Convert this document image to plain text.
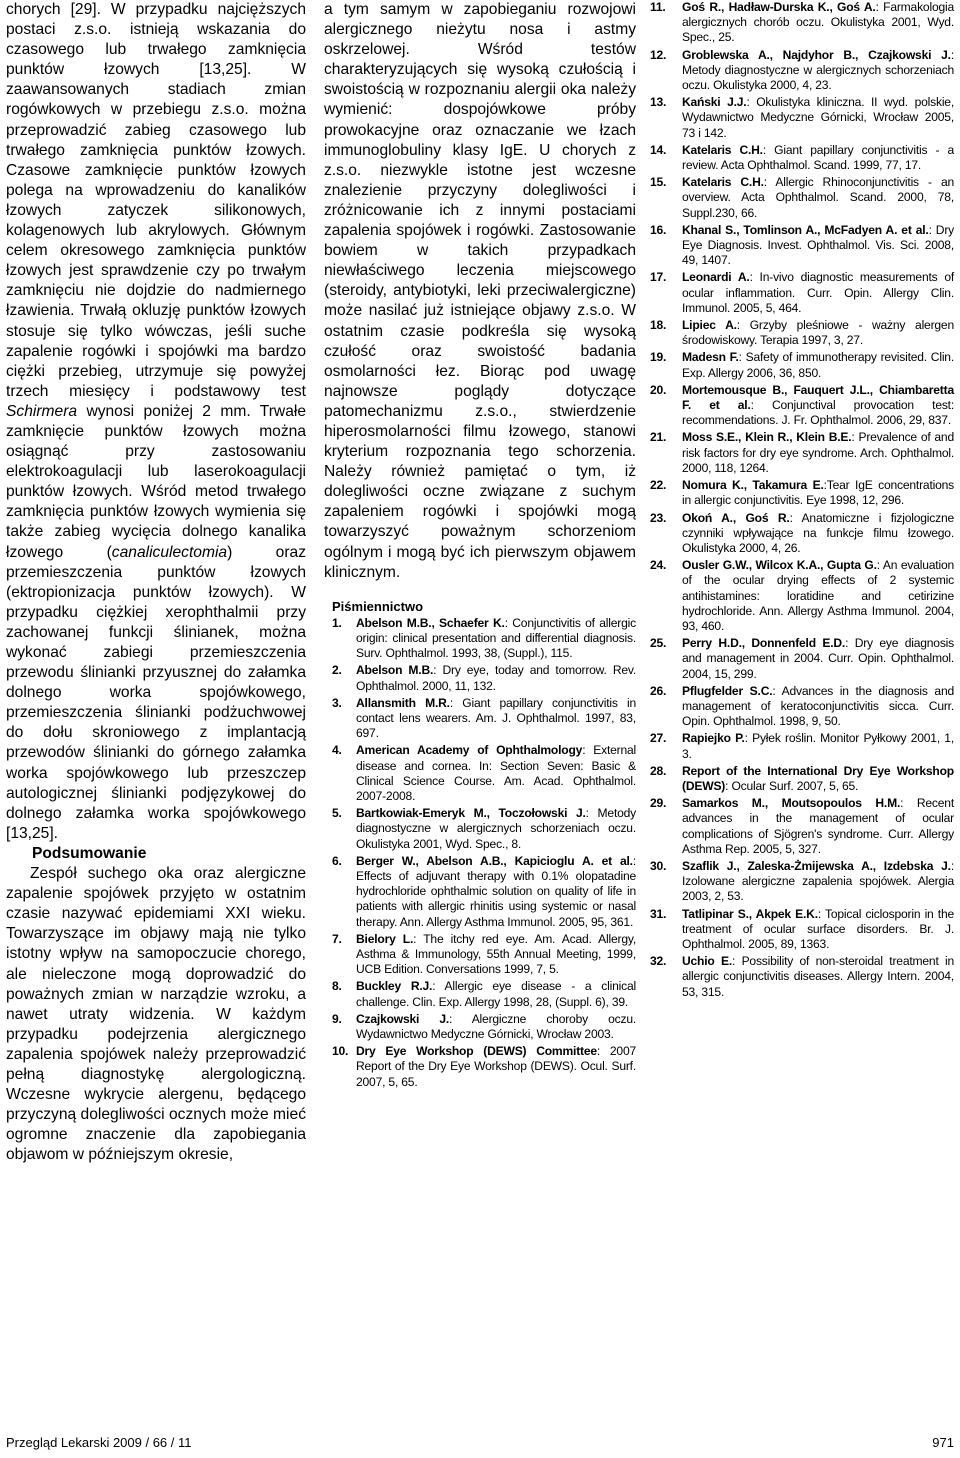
chorych [29]. W przypadku najcięższych postaci z.s.o. istnieją wskazania do czasowego lub trwałego zamknięcia punktów łzowych [13,25]. W zaawansowanych stadiach zmian rogówkowych w przebiegu z.s.o. można przeprowadzić zabieg czasowego lub trwałego zamknięcia punktów łzowych. Czasowe zamknięcie punktów łzowych polega na wprowadzeniu do kanalików łzowych zatyczek silikonowych, kolagenowych lub akrylowych. Głównym celem okresowego zamknięcia punktów łzowych jest sprawdzenie czy po trwałym zamknięciu nie dojdzie do nadmiernego łzawienia. Trwałą okluzję punktów łzowych stosuje się tylko wówczas, jeśli suche zapalenie rogówki i spojówki ma bardzo ciężki przebieg, utrzymuje się powyżej trzech miesięcy i podstawowy test Schirmera wynosi poniżej 2 mm. Trwałe zamknięcie punktów łzowych można osiągnąć przy zastosowaniu elektrokoagulacji lub laserokoagulacji punktów łzowych. Wśród metod trwałego zamknięcia punktów łzowych wymienia się także zabieg wycięcia dolnego kanalika łzowego (canaliculectomia) oraz przemieszczenia punktów łzowych (ektropionizacja punktów łzowych). W przypadku ciężkiej xerophthalmii przy zachowanej funkcji ślinianek, można wykonać zabiegi przemieszczenia przewodu ślinianki przyusznej do załamka dolnego worka spojówkowego, przemieszczenia ślinianki podżuchwowej do dołu skroniowego z implantacją przewodów ślinianki do górnego załamka worka spojówkowego lub przeszczep autologicznej ślinianki podjęzykowej do dolnego załamka worka spojówkowego [13,25].

Podsumowanie

Zespół suchego oka oraz alergiczne zapalenie spojówek przyjęto w ostatnim czasie nazywać epidemiami XXI wieku. Towarzyszące im objawy mają nie tylko istotny wpływ na samopoczucie chorego, ale nieleczone mogą doprowadzić do poważnych zmian w narządzie wzroku, a nawet utraty widzenia. W każdym przypadku podejrzenia alergicznego zapalenia spojówek należy przeprowadzić pełną diagnostykę alergologiczną. Wczesne wykrycie alergenu, będącego przyczyną dolegliwości ocznych może mieć ogromne znaczenie dla zapobiegania objawom w późniejszym okresie,

a tym samym w zapobieganiu rozwojowi alergicznego nieżytu nosa i astmy oskrzelowej. Wśród testów charakteryzujących się wysoką czułością i swoistością w rozpoznaniu alergii oka należy wymienić: dospojówkowe próby prowokacyjne oraz oznaczanie we łzach immunoglobuliny klasy IgE. U chorych z z.s.o. niezwykle istotne jest wczesne znalezienie przyczyny dolegliwości i zróżnicowanie ich z innymi postaciami zapalenia spojówek i rogówki. Zastosowanie bowiem w takich przypadkach niewłaściwego leczenia miejscowego (steroidy, antybiotyki, leki przeciwalergiczne) może nasilać już istniejące objawy z.s.o. W ostatnim czasie podkreśla się wysoką czułość oraz swoistość badania osmolarności łez. Biorąc pod uwagę najnowsze poglądy dotyczące patomechanizmu z.s.o., stwierdzenie hiperosmolarności filmu łzowego, stanowi kryterium rozpoznania tego schorzenia. Należy również pamiętać o tym, iż dolegliwości oczne związane z suchym zapaleniem rogówki i spojówki mogą towarzyszyć poważnym schorzeniom ogólnym i mogą być ich pierwszym objawem klinicznym.

Piśmiennictwo
1. Abelson M.B., Schaefer K.: Conjunctivitis of allergic origin: clinical presentation and differential diagnosis. Surv. Ophthalmol. 1993, 38, (Suppl.), 115.
2. Abelson M.B.: Dry eye, today and tomorrow. Rev. Ophthalmol. 2000, 11, 132.
3. Allansmith M.R.: Giant papillary conjunctivitis in contact lens wearers. Am. J. Ophthalmol. 1997, 83, 697.
4. American Academy of Ophthalmology: External disease and cornea. In: Section Seven: Basic & Clinical Science Course. Am. Acad. Ophthalmol. 2007-2008.
5. Bartkowiak-Emeryk M., Toczołowski J.: Metody diagnostyczne w alergicznych schorzeniach oczu. Okulistyka 2001, Wyd. Spec., 8.
6. Berger W., Abelson A.B., Kapicioglu A. et al.: Effects of adjuvant therapy with 0.1% olopatadine hydrochloride ophthalmic solution on quality of life in patients with allergic rhinitis using systemic or nasal therapy. Ann. Allergy Asthma Immunol. 2005, 95, 361.
7. Bielory L.: The itchy red eye. Am. Acad. Allergy, Asthma & Immunology, 55th Annual Meeting, 1999, UCB Edition. Conversations 1999, 7, 5.
8. Buckley R.J.: Allergic eye disease - a clinical challenge. Clin. Exp. Allergy 1998, 28, (Suppl. 6), 39.
9. Czajkowski J.: Alergiczne choroby oczu. Wydawnictwo Medyczne Górnicki, Wrocław 2003.
10. Dry Eye Workshop (DEWS) Committee: 2007 Report of the Dry Eye Workshop (DEWS). Ocul. Surf. 2007, 5, 65.
11. Goś R., Hadław-Durska K., Goś A.: Farmakologia alergicznych chorób oczu. Okulistyka 2001, Wyd. Spec., 25.
12. Groblewska A., Najdyhor B., Czajkowski J.: Metody diagnostyczne w alergicznych schorzeniach oczu. Okulistyka 2000, 4, 23.
13. Kański J.J.: Okulistyka kliniczna. II wyd. polskie, Wydawnictwo Medyczne Górnicki, Wrocław 2005, 73 i 142.
14. Katelaris C.H.: Giant papillary conjunctivitis - a review. Acta Ophthalmol. Scand. 1999, 77, 17.
15. Katelaris C.H.: Allergic Rhinoconjunctivitis - an overview. Acta Ophthalmol. Scand. 2000, 78, Suppl.230, 66.
16. Khanal S., Tomlinson A., McFadyen A. et al.: Dry Eye Diagnosis. Invest. Ophthalmol. Vis. Sci. 2008, 49, 1407.
17. Leonardi A.: In-vivo diagnostic measurements of ocular inflammation. Curr. Opin. Allergy Clin. Immunol. 2005, 5, 464.
18. Lipiec A.: Grzyby pleśniowe - ważny alergen środowiskowy. Terapia 1997, 3, 27.
19. Madesn F.: Safety of immunotherapy revisited. Clin. Exp. Allergy 2006, 36, 850.
20. Mortemousque B., Fauquert J.L., Chiambaretta F. et al.: Conjunctival provocation test: recommendations. J. Fr. Ophthalmol. 2006, 29, 837.
21. Moss S.E., Klein R., Klein B.E.: Prevalence of and risk factors for dry eye syndrome. Arch. Ophthalmol. 2000, 118, 1264.
22. Nomura K., Takamura E.:Tear IgE concentrations in allergic conjunctivitis. Eye 1998, 12, 296.
23. Okoń A., Goś R.: Anatomiczne i fizjologiczne czynniki wpływające na funkcje filmu łzowego. Okulistyka 2000, 4, 26.
24. Ousler G.W., Wilcox K.A., Gupta G.: An evaluation of the ocular drying effects of 2 systemic antihistamines: loratidine and cetirizine hydrochloride. Ann. Allergy Asthma Immunol. 2004, 93, 460.
25. Perry H.D., Donnenfeld E.D.: Dry eye diagnosis and management in 2004. Curr. Opin. Ophthalmol. 2004, 15, 299.
26. Pflugfelder S.C.: Advances in the diagnosis and management of keratoconjunctivitis sicca. Curr. Opin. Ophthalmol. 1998, 9, 50.
27. Rapiejko P.: Pyłek roślin. Monitor Pyłkowy 2001, 1, 3.
28. Report of the International Dry Eye Workshop (DEWS): Ocular Surf. 2007, 5, 65.
29. Samarkos M., Moutsopoulos H.M.: Recent advances in the management of ocular complications of Sjögren's syndrome. Curr. Allergy Asthma Rep. 2005, 5, 327.
30. Szaflik J., Zaleska-Żmijewska A., Izdebska J.: Izolowane alergiczne zapalenia spojówek. Alergia 2003, 2, 53.
31. Tatlipinar S., Akpek E.K.: Topical ciclosporin in the treatment of ocular surface disorders. Br. J. Ophthalmol. 2005, 89, 1363.
32. Uchio E.: Possibility of non-steroidal treatment in allergic conjunctivitis diseases. Allergy Intern. 2004, 53, 315.
Przegląd Lekarski 2009 / 66 / 11	971
